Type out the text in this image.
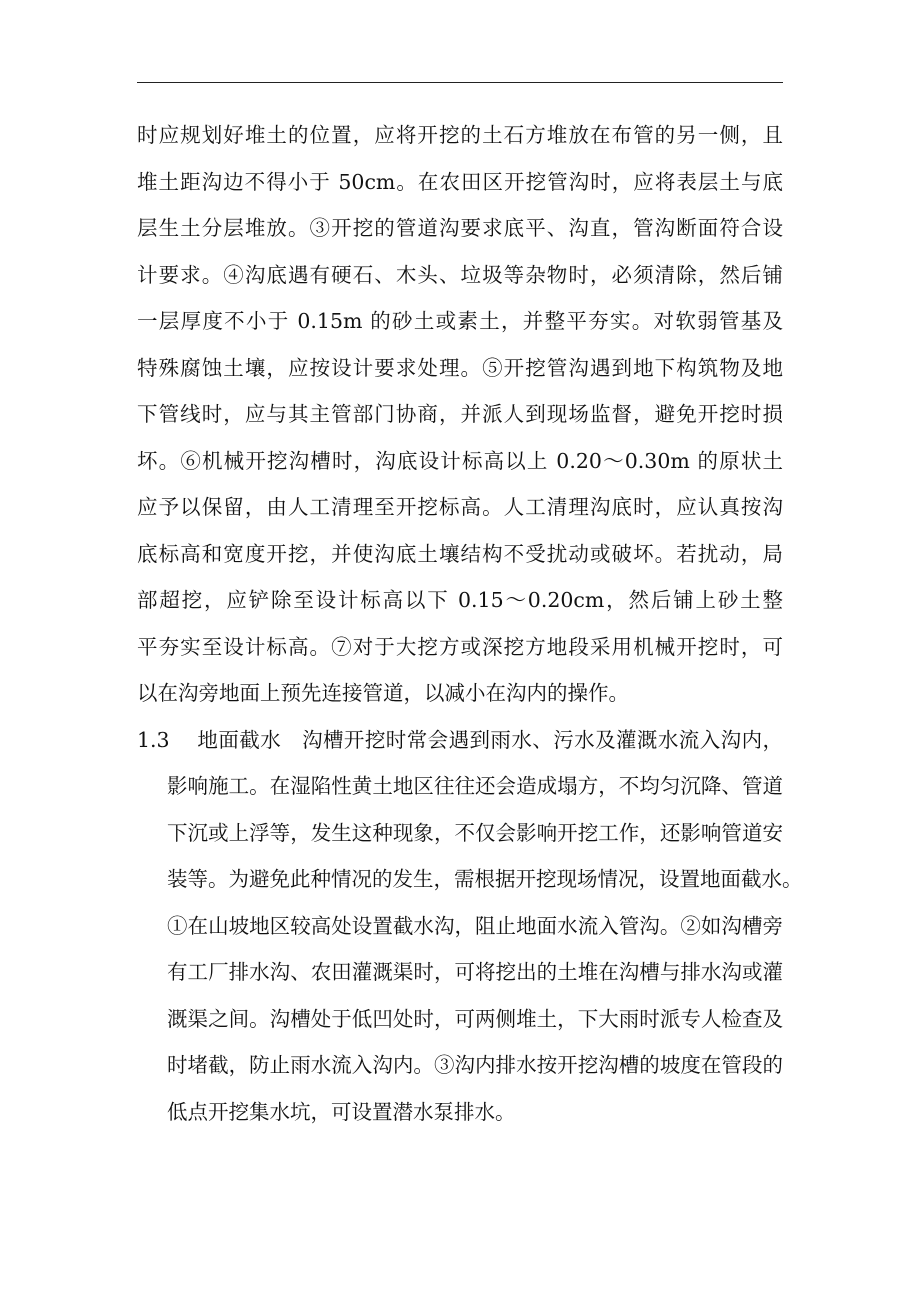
时应规划好堆土的位置，应将开挖的土石方堆放在布管的另一侧，且
堆土距沟边不得小于 50cm。在农田区开挖管沟时，应将表层土与底
层生土分层堆放。③开挖的管道沟要求底平、沟直，管沟断面符合设
计要求。④沟底遇有硬石、木头、垃圾等杂物时，必须清除，然后铺
一层厚度不小于 0.15m 的砂土或素土，并整平夯实。对软弱管基及
特殊腐蚀土壤，应按设计要求处理。⑤开挖管沟遇到地下构筑物及地
下管线时，应与其主管部门协商，并派人到现场监督，避免开挖时损
坏。⑥机械开挖沟槽时，沟底设计标高以上 0.20～0.30m 的原状土
应予以保留，由人工清理至开挖标高。人工清理沟底时，应认真按沟
底标高和宽度开挖，并使沟底土壤结构不受扰动或破坏。若扰动，局
部超挖，应铲除至设计标高以下 0.15～0.20cm，然后铺上砂土整
平夯实至设计标高。⑦对于大挖方或深挖方地段采用机械开挖时，可
以在沟旁地面上预先连接管道，以减小在沟内的操作。
1.3 地面截水　沟槽开挖时常会遇到雨水、污水及灌溉水流入沟内，
影响施工。在湿陷性黄土地区往往还会造成塌方，不均匀沉降、管道
下沉或上浮等，发生这种现象，不仅会影响开挖工作，还影响管道安
装等。为避免此种情况的发生，需根据开挖现场情况，设置地面截水。
①在山坡地区较高处设置截水沟，阻止地面水流入管沟。②如沟槽旁
有工厂排水沟、农田灌溉渠时，可将挖出的土堆在沟槽与排水沟或灌
溉渠之间。沟槽处于低凹处时，可两侧堆土，下大雨时派专人检查及
时堵截，防止雨水流入沟内。③沟内排水按开挖沟槽的坡度在管段的
低点开挖集水坑，可设置潜水泵排水。
